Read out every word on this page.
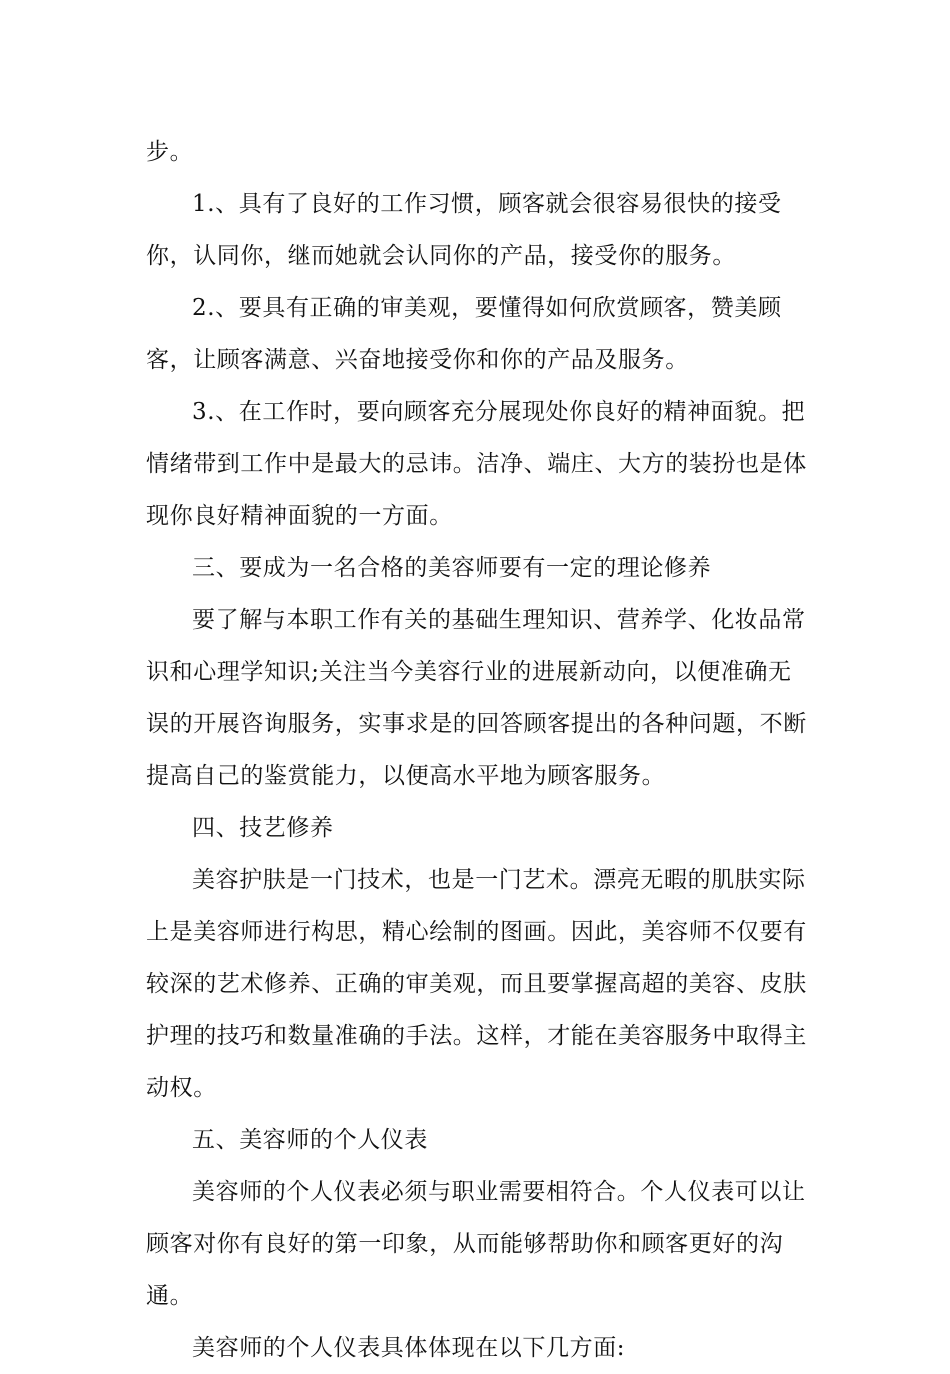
步。

1.、具有了良好的工作习惯，顾客就会很容易很快的接受你，认同你，继而她就会认同你的产品，接受你的服务。

2.、要具有正确的审美观，要懂得如何欣赏顾客，赞美顾客，让顾客满意、兴奋地接受你和你的产品及服务。

3.、在工作时，要向顾客充分展现处你良好的精神面貌。把情绪带到工作中是最大的忌讳。洁净、端庄、大方的装扮也是体现你良好精神面貌的一方面。

三、要成为一名合格的美容师要有一定的理论修养

要了解与本职工作有关的基础生理知识、营养学、化妆品常识和心理学知识;关注当今美容行业的进展新动向，以便准确无误的开展咨询服务，实事求是的回答顾客提出的各种问题，不断提高自己的鉴赏能力，以便高水平地为顾客服务。

四、技艺修养

美容护肤是一门技术，也是一门艺术。漂亮无暇的肌肤实际上是美容师进行构思，精心绘制的图画。因此，美容师不仅要有较深的艺术修养、正确的审美观，而且要掌握高超的美容、皮肤护理的技巧和数量准确的手法。这样，才能在美容服务中取得主动权。

五、美容师的个人仪表

美容师的个人仪表必须与职业需要相符合。个人仪表可以让顾客对你有良好的第一印象，从而能够帮助你和顾客更好的沟通。

美容师的个人仪表具体体现在以下几方面:
